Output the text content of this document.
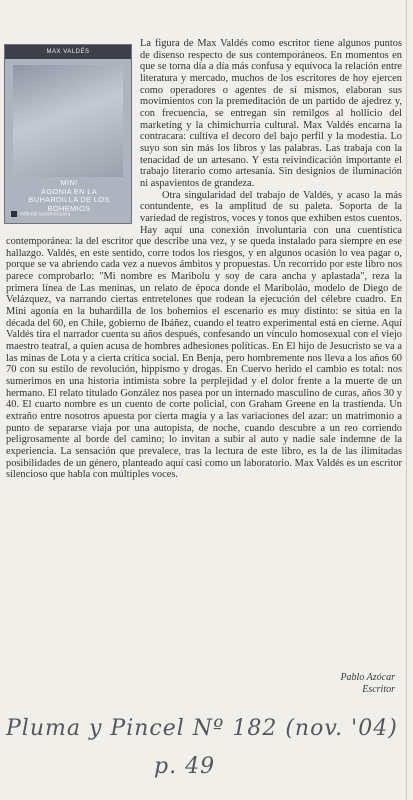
MAX VALDÉS
MINI
AGONIA EN LA
BUHARDILLA DE LOS
BOHEMIOS
editorial sudamericana

La figura de Max Valdés como escritor tiene algunos puntos de disenso respecto de sus contemporáneos. En momentos en que se torna día a día más confusa y equívoca la relación entre literatura y mercado, muchos de los escritores de hoy ejercen como operadores o agentes de sí mismos, elaboran sus movimientos con la premeditación de un partido de ajedrez y, con frecuencia, se entregan sin remilgos al hollicio del marketing y la chimichurria cultural. Max Valdés encarna la contracara: cultiva el decoro del bajo perfil y la modestia. Lo suyo son sin más los libros y las palabras. Las trabaja con la tenacidad de un artesano. Y esta reivindicación importante el trabajo literario como artesanía. Sin designios de iluminación ni aspavientos de grandeza.

Otra singularidad del trabajo de Valdés, y acaso la más contundente, es la amplitud de su paleta. Soporta de la variedad de registros, voces y tonos que exhiben estos cuentos. Hay aquí una conexión involuntaria con una cuentística contemporánea: la del escritor que describe una vez, y se queda instalado para siempre en ese hallazgo. Valdés, en este sentido, corre todos los riesgos, y en algunos ocasión lo vea pagar o, porque se va abriendo cada vez a nuevos ámbitos y propuestas. Un recorrido por este libro nos parece comprobarlo: "Mi nombre es Maribolu y soy de cara ancha y aplastada", reza la primera línea de Las meninas, un relato de época donde el Mariboláo, modelo de Diego de Velázquez, va narrando ciertas entretelones que rodean la ejecución del célebre cuadro. En Mini agonía en la buhardilla de los bohemios el escenario es muy distinto: se sitúa en la década del 60, en Chile, gobierno de Ibáñez, cuando el teatro experimental está en cierne. Aquí Valdés tira el narrador cuenta su años después, confesando un vínculo homosexual con el viejo maestro teatral, a quien acusa de hombres adhesiones políticas. En El hijo de Jesucristo se va a las minas de Lota y a cierta crítica social. En Benja, pero hombremente nos lleva a los años 60 70 con su estilo de revolución, hippismo y drogas. En Cuervo herido el cambio es total: nos sumerimos en una historia intimista sobre la perplejidad y el dolor frente a la muerte de un hermano. El relato titulado González nos pasea por un internado masculino de curas, años 30 y 40. El cuarto nombre es un cuento de corte policial, con Graham Greene en la trastienda. Un extraño entre nosotros apuesta por cierta magia y a las variaciones del azar: un matrimonio a punto de separarse viaja por una autopista, de noche, cuando descubre a un reo corriendo peligrosamente al borde del camino; lo invitan a subir al auto y nadie sale indemne de la experiencia. La sensación que prevalece, tras la lectura de este libro, es la de las ilimitadas posibilidades de un género, planteado aquí casi como un laboratorio. Max Valdés es un escritor silencioso que habla con múltiples voces.

Pablo Azócar
Escritor
Pluma y Pincel Nº 182 (nov. '04)
p. 49
